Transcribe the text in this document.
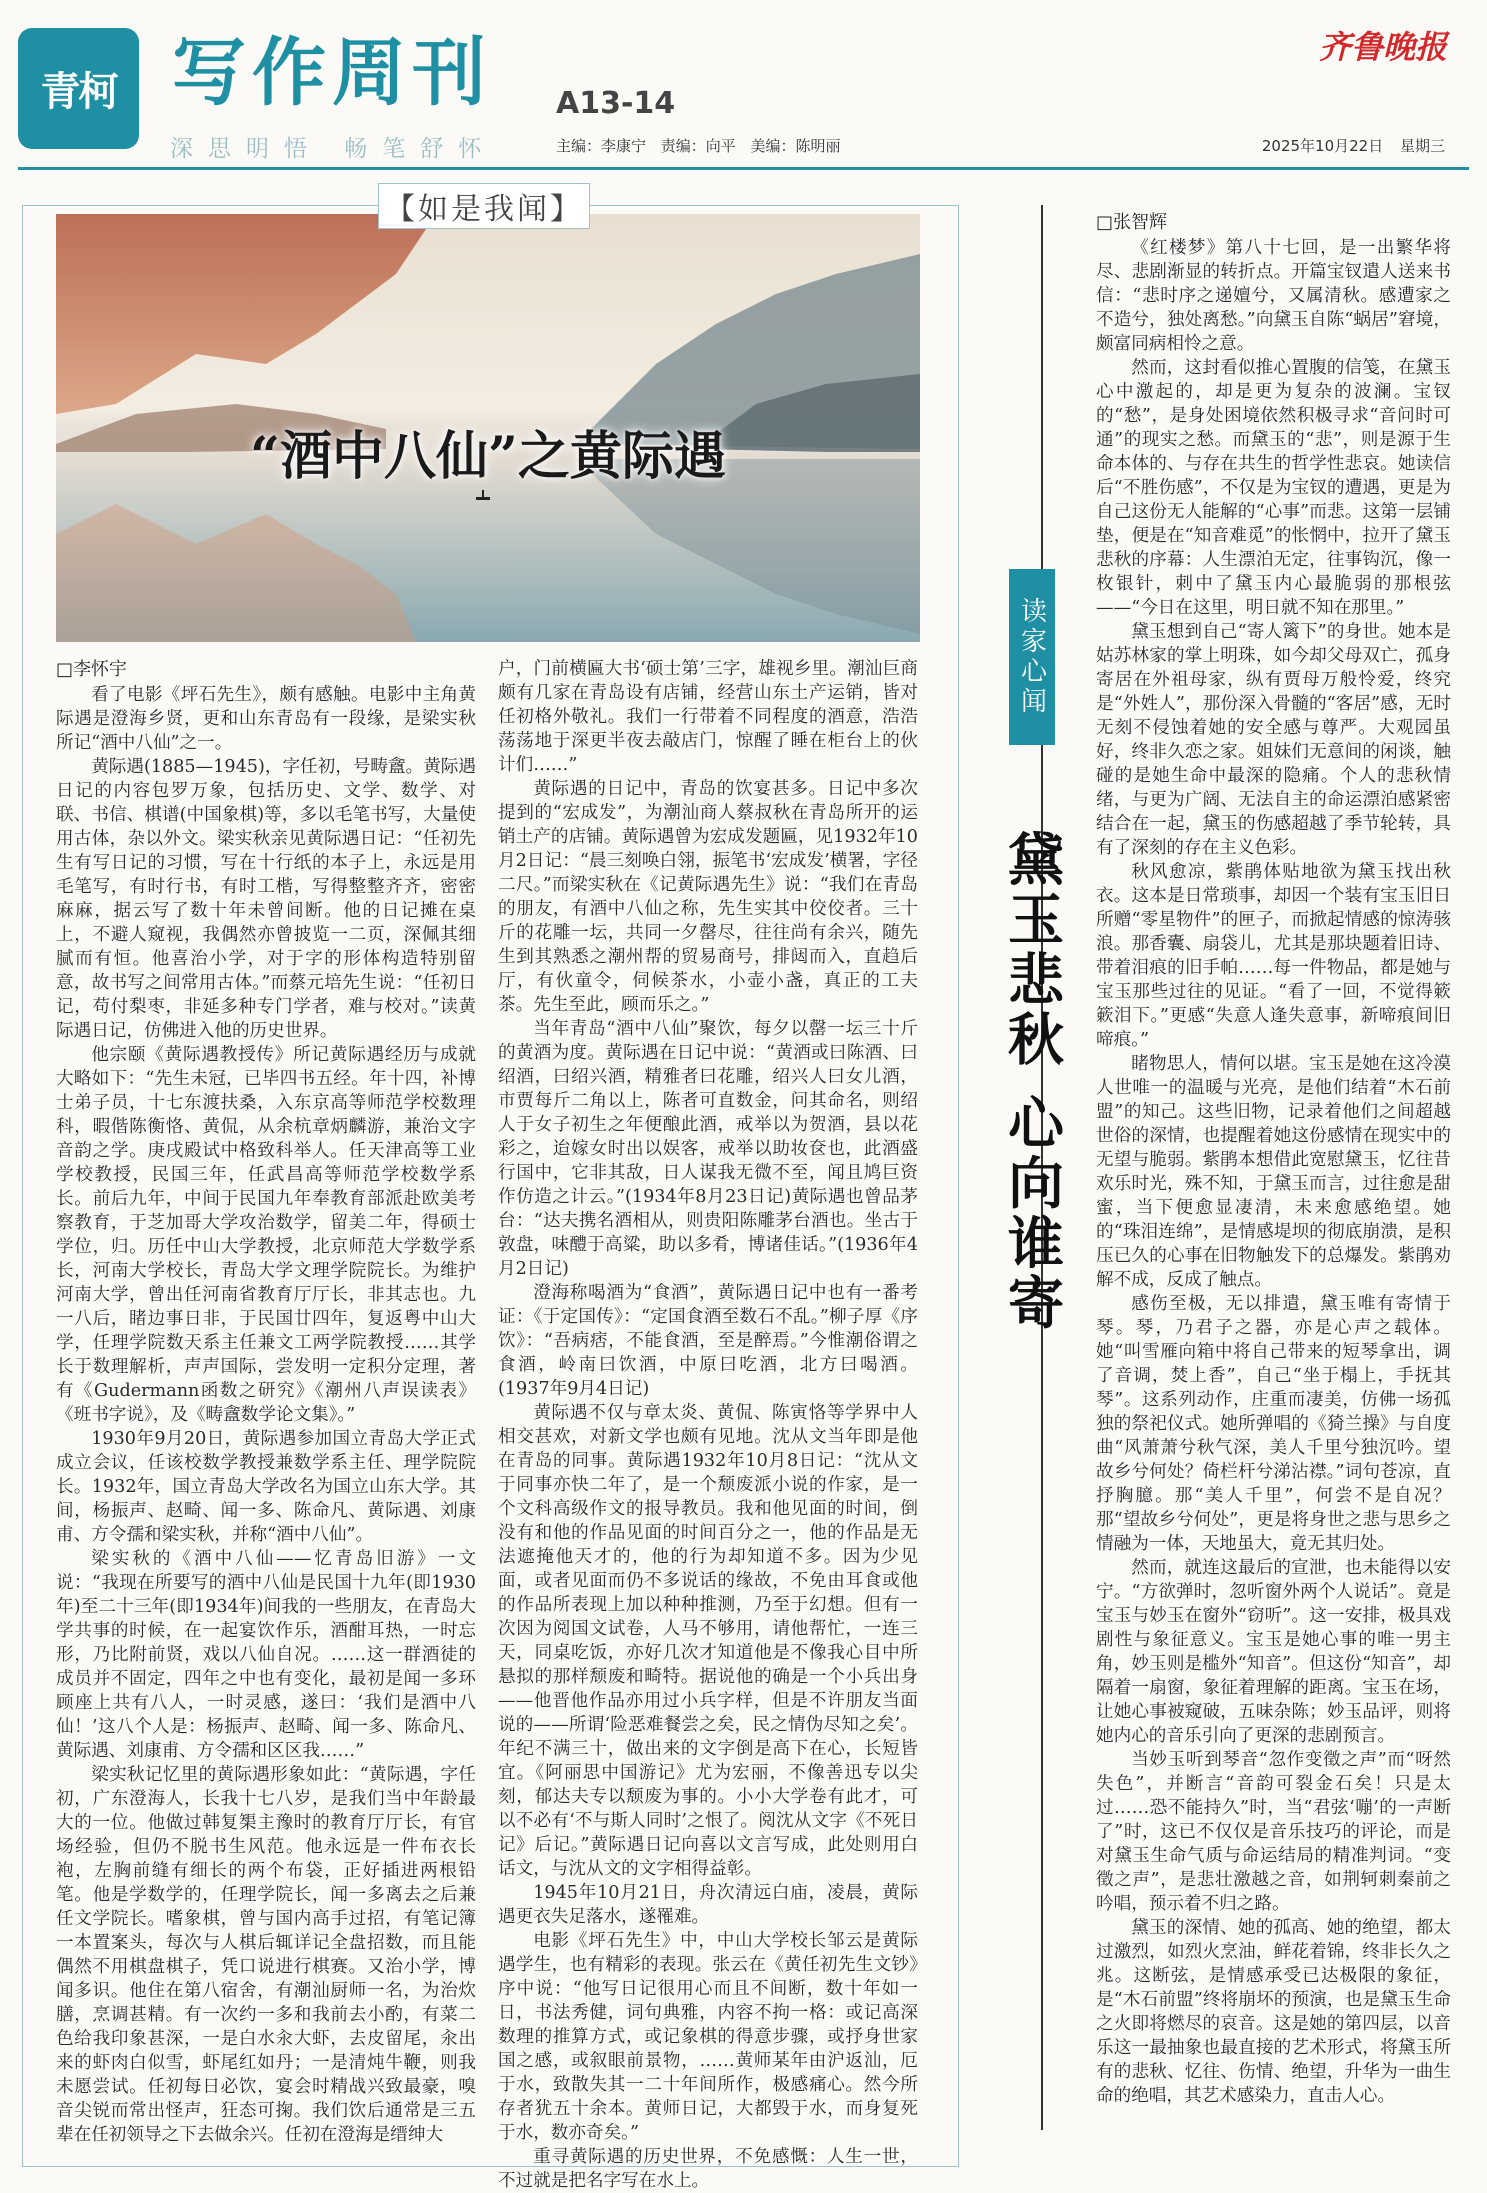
青柯 写作周刊 A13-14
齐鲁晚报
深思明悟 畅笔舒怀	主编：李康宁 责编：向平 美编：陈明丽	2025年10月22日 星期三
“酒中八仙”之黄际遇
【如是我闻】
□李怀宇

看了电影《坪石先生》，颇有感触。电影中主角黄际遇是澄海乡贤，更和山东青岛有一段缘，是梁实秋所记“酒中八仙”之一。

黄际遇(1885—1945)，字任初，号畴盦。黄际遇日记的内容包罗万象，包括历史、文学、数学、对联、书信、棋谱(中国象棋)等，多以毛笔书写，大量使用古体，杂以外文。梁实秋亲见黄际遇日记：“任初先生有写日记的习惯，写在十行纸的本子上，永远是用毛笔写，有时行书，有时工楷，写得整整齐齐，密密麻麻，据云写了数十年未曾间断。他的日记摊在桌上，不避人窥视，我偶然亦曾披览一二页，深佩其细腻而有恒。他喜治小学，对于字的形体构造特别留意，故书写之间常用古体。”而蔡元培先生说：“任初日记，苟付梨枣，非延多种专门学者，难与校对。”读黄际遇日记，仿佛进入他的历史世界。

他宗颐《黄际遇教授传》所记黄际遇经历与成就大略如下：“先生未冠，已毕四书五经。年十四，补博士弟子员，十七东渡扶桑，入东京高等师范学校数理科，暇偕陈衡恪、黄侃，从余杭章炳麟游，兼治文字音韵之学。庚戌殿试中格致科举人。任天津高等工业学校教授，民国三年，任武昌高等师范学校数学系长。前后九年，中间于民国九年奉教育部派赴欧美考察教育，于芝加哥大学攻治数学，留美二年，得硕士学位，归。历任中山大学教授，北京师范大学数学系长，河南大学校长，青岛大学文理学院院长。为维护河南大学，曾出任河南省教育厅厅长，非其志也。九一八后，睹边事日非，于民国廿四年，复返粤中山大学，任理学院数天系主任兼文工两学院教授……其学长于数理解析，声声国际，尝发明一定积分定理，著有《Gudermann函数之研究》《潮州八声误读表》《班书字说》，及《畴盦数学论文集》。”

1930年9月20日，黄际遇参加国立青岛大学正式成立会议，任该校数学教授兼数学系主任、理学院院长。1932年，国立青岛大学改名为国立山东大学。其间，杨振声、赵畸、闻一多、陈命凡、黄际遇、刘康甫、方令孺和梁实秋，并称“酒中八仙”。

梁实秋的《酒中八仙——忆青岛旧游》一文说：“我现在所要写的酒中八仙是民国十九年(即1930年)至二十三年(即1934年)间我的一些朋友，在青岛大学共事的时候，在一起宴饮作乐，酒酣耳热，一时忘形，乃比附前贤，戏以八仙自况。……这一群酒徒的成员并不固定，四年之中也有变化，最初是闻一多环顾座上共有八人，一时灵感，遂曰：‘我们是酒中八仙！’这八个人是：杨振声、赵畸、闻一多、陈命凡、黄际遇、刘康甫、方令孺和区区我……”

梁实秋记忆里的黄际遇形象如此：“黄际遇，字任初，广东澄海人，长我十七八岁，是我们当中年龄最大的一位。他做过韩复榘主豫时的教育厅厅长，有官场经验，但仍不脱书生风范。他永远是一件布衣长袍，左胸前缝有细长的两个布袋，正好插进两根铅笔。他是学数学的，任理学院长，闻一多离去之后兼任文学院长。嗜象棋，曾与国内高手过招，有笔记簿一本置案头，每次与人棋后辄详记全盘招数，而且能偶然不用棋盘棋子，凭口说进行棋赛。又治小学，博闻多识。他住在第八宿舍，有潮汕厨师一名，为治炊膳，烹调甚精。有一次约一多和我前去小酌，有菜二色给我印象甚深，一是白水汆大虾，去皮留尾，汆出来的虾肉白似雪，虾尾红如丹；一是清炖牛鞭，则我未愿尝试。任初每日必饮，宴会时精战兴致最豪，嗅音尖锐而常出怪声，狂态可掬。我们饮后通常是三五辈在任初领导之下去做余兴。任初在澄海是缙绅大

户，门前横匾大书‘硕士第’三字，雄视乡里。潮汕巨商颇有几家在青岛设有店铺，经营山东土产运销，皆对任初格外敬礼。我们一行带着不同程度的酒意，浩浩荡荡地于深更半夜去敲店门，惊醒了睡在柜台上的伙计们……”

黄际遇的日记中，青岛的饮宴甚多。日记中多次提到的“宏成发”，为潮汕商人蔡叔秋在青岛所开的运销土产的店铺。黄际遇曾为宏成发题匾，见1932年10月2日记：“晨三刻唤白翎，振笔书‘宏成发’横署，字径二尺。”而梁实秋在《记黄际遇先生》说：“我们在青岛的朋友，有酒中八仙之称，先生实其中佼佼者。三十斤的花雕一坛，共同一夕罄尽，往往尚有余兴，随先生到其熟悉之潮州帮的贸易商号，排闼而入，直趋后厅，有伙童令，伺候茶水，小壶小盏，真正的工夫茶。先生至此，顾而乐之。”

当年青岛“酒中八仙”聚饮，每夕以罄一坛三十斤的黄酒为度。黄际遇在日记中说：“黄酒或曰陈酒、曰绍酒，曰绍兴酒，精雅者曰花雕，绍兴人曰女儿酒，市贾每斤二角以上，陈者可直数金，问其命名，则绍人于女子初生之年便酿此酒，戒举以为贺酒，县以花彩之，迨嫁女时出以娱客，戒举以助妆奁也，此酒盛行国中，它非其敌，日人谋我无微不至，闻且鸠巨资作仿造之计云。”(1934年8月23日记)黄际遇也曾品茅台：“达夫携名酒相从，则贵阳陈雕茅台酒也。坐古于敦盘，味醴于高粱，助以多肴，博诸佳话。”(1936年4月2日记)

澄海称喝酒为“食酒”，黄际遇日记中也有一番考证：《于定国传》：“定国食酒至数石不乱。”柳子厚《序饮》：“吾病痞，不能食酒，至是醉焉。”今惟潮俗谓之食酒，岭南曰饮酒，中原曰吃酒，北方曰喝酒。(1937年9月4日记)

黄际遇不仅与章太炎、黄侃、陈寅恪等学界中人相交甚欢，对新文学也颇有见地。沈从文当年即是他在青岛的同事。黄际遇1932年10月8日记：“沈从文于同事亦快二年了，是一个颓废派小说的作家，是一个文科高级作文的报导教员。我和他见面的时间，倒没有和他的作品见面的时间百分之一，他的作品是无法遮掩他天才的，他的行为却知道不多。因为少见面，或者见面而仍不多说话的缘故，不免由耳食或他的作品所表现上加以种种推测，乃至于幻想。但有一次因为阅国文试卷，人马不够用，请他帮忙，一连三天，同桌吃饭，亦好几次才知道他是不像我心目中所悬拟的那样颓废和畸特。据说他的确是一个小兵出身——他晋他作品亦用过小兵字样，但是不许朋友当面说的——所谓‘险恶难餐尝之矣，民之情伪尽知之矣’。年纪不满三十，做出来的文字倒是高下在心，长短皆宜。《阿丽思中国游记》尤为宏丽，不像善迅专以尖刻，郁达夫专以颓废为事的。小小大学卷有此才，可以不必有‘不与斯人同时’之恨了。阅沈从文字《不死日记》后记。”黄际遇日记向喜以文言写成，此处则用白话文，与沈从文的文字相得益彰。

1945年10月21日，舟次清远白庙，凌晨，黄际遇更衣失足落水，遂罹难。

电影《坪石先生》中，中山大学校长邹云是黄际遇学生，也有精彩的表现。张云在《黄任初先生文钞》序中说：“他写日记很用心而且不间断，数十年如一日，书法秀健，词句典雅，内容不拘一格：或记高深数理的推算方式，或记象棋的得意步骤，或抒身世家国之感，或叙眼前景物，……黄师某年由沪返汕，厄于水，致散失其一二十年间所作，极感痛心。然今所存者犹五十余本。黄师日记，大都毁于水，而身复死于水，数亦奇矣。”

重寻黄际遇的历史世界，不免感慨：人生一世，不过就是把名字写在水上。

读家心闻
黛玉悲秋 心向谁寄
□张智辉

《红楼梦》第八十七回，是一出繁华将尽、悲剧渐显的转折点。开篇宝钗遣人送来书信：“悲时序之递嬗兮，又属清秋。感遭家之不造兮，独处离愁。”向黛玉自陈“蜗居”窘境，颇富同病相怜之意。

然而，这封看似推心置腹的信笺，在黛玉心中激起的，却是更为复杂的波澜。宝钗的“愁”，是身处困境依然积极寻求“音问时可通”的现实之愁。而黛玉的“悲”，则是源于生命本体的、与存在共生的哲学性悲哀。她读信后“不胜伤感”，不仅是为宝钗的遭遇，更是为自己这份无人能解的“心事”而悲。这第一层铺垫，便是在“知音难觅”的怅惘中，拉开了黛玉悲秋的序幕：人生漂泊无定，往事钩沉，像一枚银针，刺中了黛玉内心最脆弱的那根弦——“今日在这里，明日就不知在那里。”

黛玉想到自己“寄人篱下”的身世。她本是姑苏林家的掌上明珠，如今却父母双亡，孤身寄居在外祖母家，纵有贾母万般怜爱，终究是“外姓人”，那份深入骨髓的“客居”感，无时无刻不侵蚀着她的安全感与尊严。大观园虽好，终非久恋之家。姐妹们无意间的闲谈，触碰的是她生命中最深的隐痛。个人的悲秋情绪，与更为广阔、无法自主的命运漂泊感紧密结合在一起，黛玉的伤感超越了季节轮转，具有了深刻的存在主义色彩。

秋风愈凉，紫鹃体贴地欲为黛玉找出秋衣。这本是日常琐事，却因一个装有宝玉旧日所赠“零星物件”的匣子，而掀起情感的惊涛骇浪。那香囊、扇袋儿，尤其是那块题着旧诗、带着泪痕的旧手帕……每一件物品，都是她与宝玉那些过往的见证。“看了一回，不觉得簌簌泪下。”更感“失意人逢失意事，新啼痕间旧啼痕。”

睹物思人，情何以堪。宝玉是她在这冷漠人世唯一的温暖与光亮，是他们结着“木石前盟”的知己。这些旧物，记录着他们之间超越世俗的深情，也提醒着她这份感情在现实中的无望与脆弱。紫鹃本想借此宽慰黛玉，忆往昔欢乐时光，殊不知，于黛玉而言，过往愈是甜蜜，当下便愈显凄清，未来愈感绝望。她的“珠泪连绵”，是情感堤坝的彻底崩溃，是积压已久的心事在旧物触发下的总爆发。紫鹃劝解不成，反成了触点。

感伤至极，无以排遣，黛玉唯有寄情于琴。琴，乃君子之器，亦是心声之载体。她“叫雪雁向箱中将自己带来的短琴拿出，调了音调，焚上香”，自己“坐于榻上，手抚其琴”。这系列动作，庄重而凄美，仿佛一场孤独的祭祀仪式。她所弹唱的《猗兰操》与自度曲“风萧萧兮秋气深，美人千里兮独沉吟。望故乡兮何处？倚栏杆兮涕沾襟。”词句苍凉，直抒胸臆。那“美人千里”，何尝不是自况？那“望故乡兮何处”，更是将身世之悲与思乡之情融为一体，天地虽大，竟无其归处。

然而，就连这最后的宣泄，也未能得以安宁。“方欲弹时，忽听窗外两个人说话”。竟是宝玉与妙玉在窗外“窃听”。这一安排，极具戏剧性与象征意义。宝玉是她心事的唯一男主角，妙玉则是槛外“知音”。但这份“知音”，却隔着一扇窗，象征着理解的距离。宝玉在场，让她心事被窥破，五味杂陈；妙玉品评，则将她内心的音乐引向了更深的悲剧预言。

当妙玉听到琴音“忽作变徵之声”而“呀然失色”，并断言“音韵可裂金石矣！只是太过……恐不能持久”时，当“君弦‘嘣’的一声断了”时，这已不仅仅是音乐技巧的评论，而是对黛玉生命气质与命运结局的精准判词。“变徵之声”，是悲壮激越之音，如荆轲刺秦前之吟唱，预示着不归之路。

黛玉的深情、她的孤高、她的绝望，都太过激烈，如烈火烹油，鲜花着锦，终非长久之兆。这断弦，是情感承受已达极限的象征，是“木石前盟”终将崩坏的预演，也是黛玉生命之火即将燃尽的哀音。这是她的第四层，以音乐这一最抽象也最直接的艺术形式，将黛玉所有的悲秋、忆往、伤情、绝望，升华为一曲生命的绝唱，其艺术感染力，直击人心。
